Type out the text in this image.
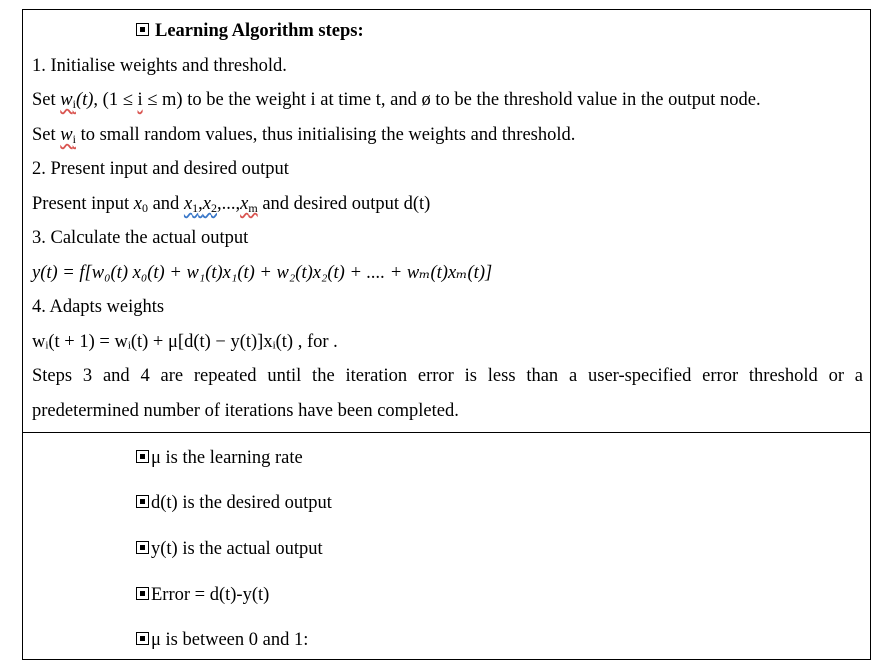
Learning Algorithm steps:
1. Initialise weights and threshold.
Set $w_i(t)$, (1 ≤ i ≤ m) to be the weight i at time t, and ø to be the threshold value in the output node.
Set $w_i$ to small random values, thus initialising the weights and threshold.
2. Present input and desired output
Present input $x_0$ and $x_1,x_2,...,x_m$ and desired output d(t)
3. Calculate the actual output
y(t) = f[w₀(t) x₀(t) + w₁(t)x₁(t) + w₂(t)x₂(t) + .... + wₘ(t)xₘ(t)]
4. Adapts weights
wᵢ(t + 1) = wᵢ(t) + μ[d(t) − y(t)]xᵢ(t) , for .
Steps 3 and 4 are repeated until the iteration error is less than a user-specified error threshold or a
predetermined number of iterations have been completed.
μ is the learning rate
d(t) is the desired output
y(t) is the actual output
Error = d(t)-y(t)
μ is between 0 and 1:
